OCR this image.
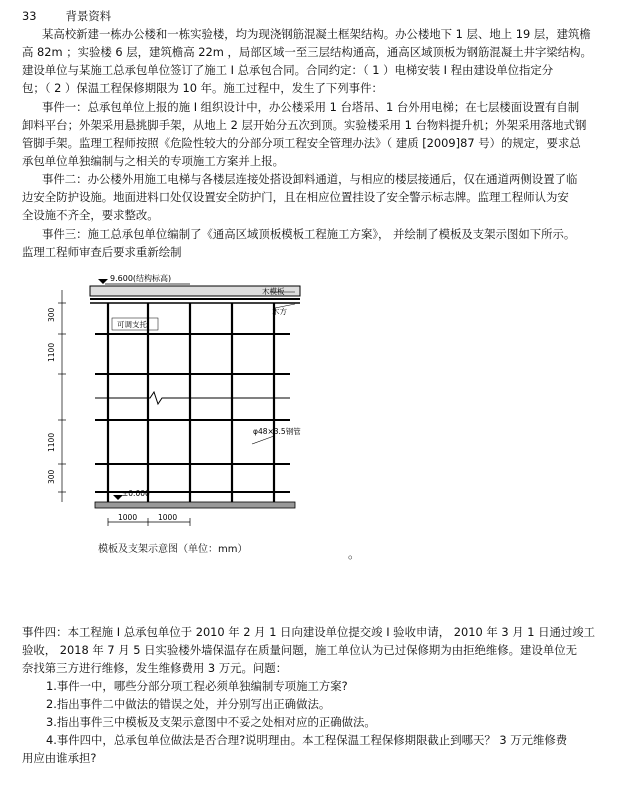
33	背景资料
某高校新建一栋办公楼和一栋实验楼，均为现浇钢筋混凝土框架结构。办公楼地下 1 层、地上 19 层，建筑檐
高 82m ；实验楼 6 层，建筑檐高 22m ，局部区域一至三层结构通高，通高区域顶板为钢筋混凝土井字梁结构。
建设单位与某施工总承包单位签订了施工 I 总承包合同。合同约定：（ 1 ）电梯安装 I 程由建设单位指定分
包；（ 2 ）保温工程保修期限为 10 年。施工过程中，发生了下列事件：
事件一：总承包单位上报的施 I 组织设计中，办公楼采用 1 台塔吊、1 台外用电梯；在七层楼面设置有自制
卸料平台；外架采用悬挑脚手架，从地上 2 层开始分五次到顶。实验楼采用 1 台物料提升机；外架采用落地式钢
管脚手架。监理工程师按照《危险性较大的分部分项工程安全管理办法》（ 建质 [2009]87 号）的规定，要求总
承包单位单独编制与之相关的专项施工方案并上报。
事件二：办公楼外用施工电梯与各楼层连接处搭设卸料通道，与相应的楼层接通后，仅在通道两侧设置了临
边安全防护设施。地面进料口处仅设置安全防护门，且在相应位置挂设了安全警示标志牌。监理工程师认为安
全设施不齐全，要求整改。
事件三：施工总承包单位编制了《通高区域顶板模板工程施工方案》， 并绘制了模板及支架示图如下所示。
监理工程师审查后要求重新绘制
9.600(结构标高)
木模板
木方
可调支托
φ48×3.5钢管
±0.000
300
1100
1100
300
1000	1000
模板及支架示意图（单位：mm）	。
事件四：本工程施 I 总承包单位于 2010 年 2 月 1 日向建设单位提交竣 I 验收申请， 2010 年 3 月 1 日通过竣工
验收， 2018 年 7 月 5 日实验楼外墙保温存在质量问题，施工单位认为已过保修期为由拒绝维修。建设单位无
奈找第三方进行维修，发生维修费用 3 万元。问题：
1.事件一中，哪些分部分项工程必须单独编制专项施工方案?
2.指出事件二中做法的错误之处，并分别写出正确做法。
3.指出事件三中模板及支架示意图中不妥之处相对应的正确做法。
4.事件四中，总承包单位做法是否合理?说明理由。本工程保温工程保修期限截止到哪天？ 3 万元维修费
用应由谁承担?
